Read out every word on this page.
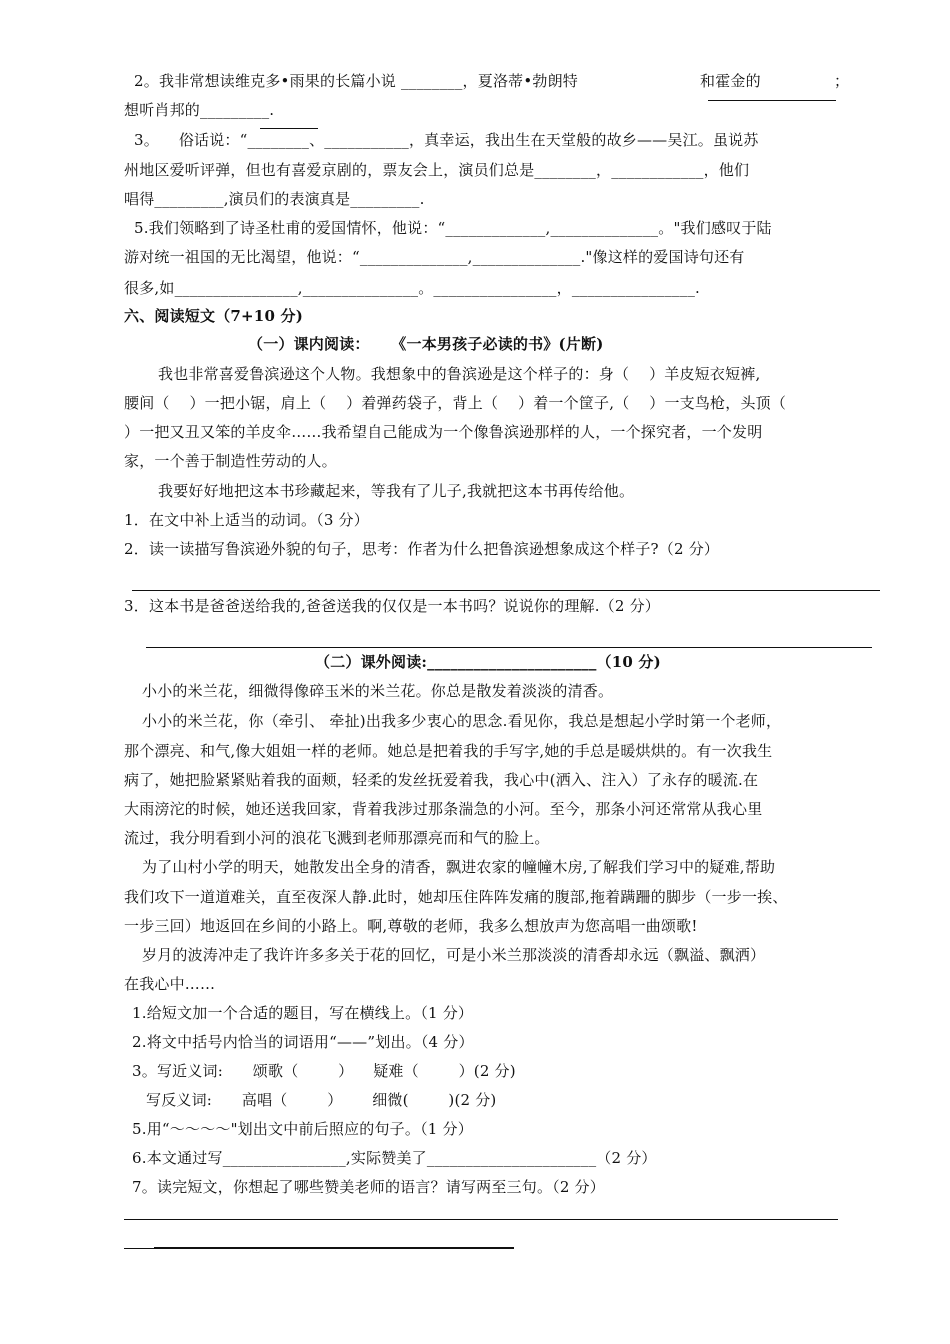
2。我非常想读维克多•雨果的长篇小说 ________，夏洛蒂•勃朗特	和霍金的	；
想听肖邦的_________.
3。    俗话说：“________、___________，真幸运，我出生在天堂般的故乡——吴江。虽说苏
州地区爱听评弹，但也有喜爱京剧的，票友会上，演员们总是________，____________，他们
唱得_________,演员们的表演真是_________.
5.我们领略到了诗圣杜甫的爱国情怀，他说：“_____________,______________。"我们感叹于陆
游对统一祖国的无比渴望，他说：“______________,______________."像这样的爱国诗句还有
很多,如________________,_______________。________________，________________.
六、阅读短文（7+10 分)
（一）课内阅读：    《一本男孩子必读的书》(片断)
我也非常喜爱鲁滨逊这个人物。我想象中的鲁滨逊是这个样子的：身（    ）羊皮短衣短裤,
腰间（    ）一把小锯，肩上（    ）着弹药袋子，背上（    ）着一个筐子,（    ）一支鸟枪，头顶（
）一把又丑又笨的羊皮伞……我希望自己能成为一个像鲁滨逊那样的人，一个探究者，一个发明
家，一个善于制造性劳动的人。
我要好好地把这本书珍藏起来，等我有了儿子,我就把这本书再传给他。
1．在文中补上适当的动词。（3 分）
2．读一读描写鲁滨逊外貌的句子，思考：作者为什么把鲁滨逊想象成这个样子?（2 分）
3．这本书是爸爸送给我的,爸爸送我的仅仅是一本书吗？说说你的理解.（2 分）
（二）课外阅读:______________________（10 分)
小小的米兰花，细微得像碎玉米的米兰花。你总是散发着淡淡的清香。
小小的米兰花，你（牵引、 牵扯)出我多少衷心的思念.看见你，我总是想起小学时第一个老师，
那个漂亮、和气,像大姐姐一样的老师。她总是把着我的手写字,她的手总是暖烘烘的。有一次我生
病了，她把脸紧紧贴着我的面颊，轻柔的发丝抚爱着我，我心中(洒入、注入）了永存的暖流.在
大雨滂沱的时候，她还送我回家，背着我涉过那条湍急的小河。至今，那条小河还常常从我心里
流过，我分明看到小河的浪花飞溅到老师那漂亮而和气的脸上。
为了山村小学的明天，她散发出全身的清香，飘进农家的幢幢木房,了解我们学习中的疑难,帮助
我们攻下一道道难关，直至夜深人静.此时，她却压住阵阵发痛的腹部,拖着蹒跚的脚步（一步一挨、
一步三回）地返回在乡间的小路上。啊,尊敬的老师，我多么想放声为您高唱一曲颂歌!
岁月的波涛冲走了我许许多多关于花的回忆，可是小米兰那淡淡的清香却永远（飘溢、飘洒）
在我心中……
1.给短文加一个合适的题目，写在横线上。（1 分）
2.将文中括号内恰当的词语用“——”划出。（4 分）
3。写近义词:      颂歌（        ）    疑难（        ）(2 分)
写反义词:      高唱（        ）      细微(        )(2 分)
5.用“～～～～"划出文中前后照应的句子。（1 分）
6.本文通过写________________,实际赞美了______________________（2 分）
7。读完短文，你想起了哪些赞美老师的语言？请写两至三句。（2 分）
